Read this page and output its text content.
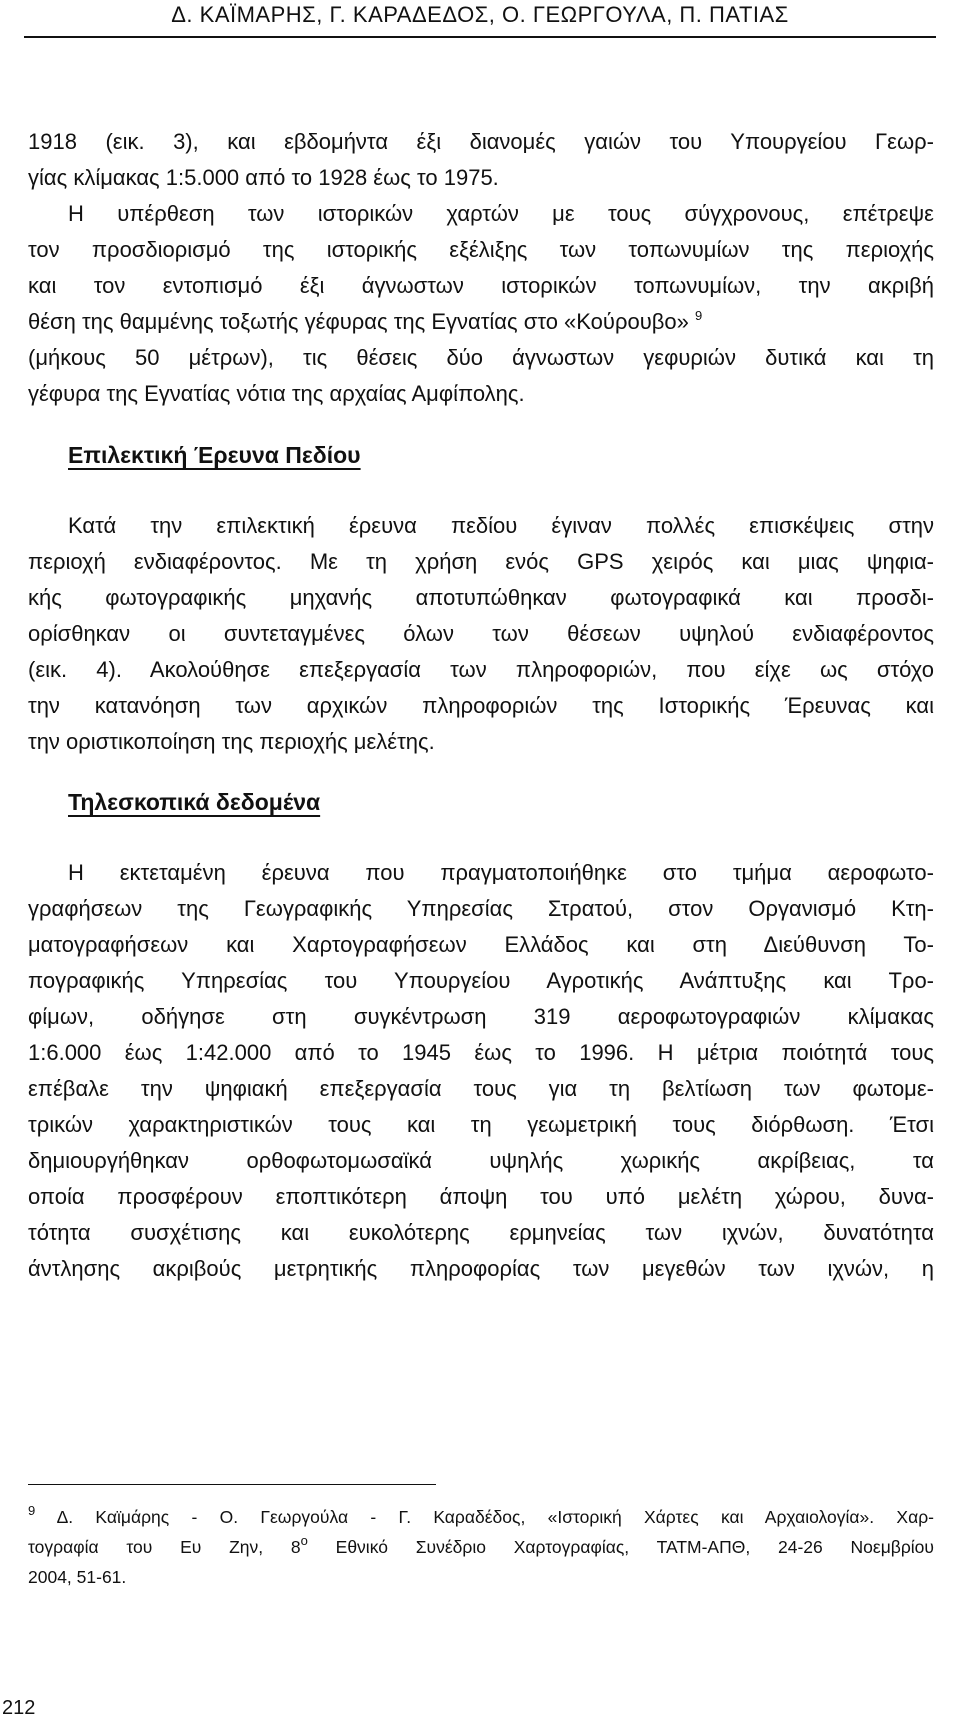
Δ. ΚΑΪΜΑΡΗΣ, Γ. ΚΑΡΑΔΕΔΟΣ, Ο. ΓΕΩΡΓΟΥΛΑ, Π. ΠΑΤΙΑΣ
1918 (εικ. 3), και εβδομήντα έξι διανομές γαιών του Υπουργείου Γεωρ-
γίας κλίμακας 1:5.000 από το 1928 έως το 1975.
Η υπέρθεση των ιστορικών χαρτών με τους σύγχρονους, επέτρεψε
τον προσδιορισμό της ιστορικής εξέλιξης των τοπωνυμίων της περιοχής
και τον εντοπισμό έξι άγνωστων ιστορικών τοπωνυμίων, την ακριβή
θέση της θαμμένης τοξωτής γέφυρας της Εγνατίας στο «Κούρουβο» $^9$
(μήκους 50 μέτρων), τις θέσεις δύο άγνωστων γεφυριών δυτικά και τη
γέφυρα της Εγνατίας νότια της αρχαίας Αμφίπολης.
Επιλεκτική Έρευνα Πεδίου
Κατά την επιλεκτική έρευνα πεδίου έγιναν πολλές επισκέψεις στην
περιοχή ενδιαφέροντος. Με τη χρήση ενός GPS χειρός και μιας ψηφια-
κής φωτογραφικής μηχανής αποτυπώθηκαν φωτογραφικά και προσδι-
ορίσθηκαν οι συντεταγμένες όλων των θέσεων υψηλού ενδιαφέροντος
(εικ. 4). Ακολούθησε επεξεργασία των πληροφοριών, που είχε ως στόχο
την κατανόηση των αρχικών πληροφοριών της Ιστορικής Έρευνας και
την οριστικοποίηση της περιοχής μελέτης.
Τηλεσκοπικά δεδομένα
Η εκτεταμένη έρευνα που πραγματοποιήθηκε στο τμήμα αεροφωτο-
γραφήσεων της Γεωγραφικής Υπηρεσίας Στρατού, στον Οργανισμό Κτη-
ματογραφήσεων και Χαρτογραφήσεων Ελλάδος και στη Διεύθυνση Το-
πογραφικής Υπηρεσίας του Υπουργείου Αγροτικής Ανάπτυξης και Τρο-
φίμων, οδήγησε στη συγκέντρωση 319 αεροφωτογραφιών κλίμακας
1:6.000 έως 1:42.000 από το 1945 έως το 1996. Η μέτρια ποιότητά τους
επέβαλε την ψηφιακή επεξεργασία τους για τη βελτίωση των φωτομε-
τρικών χαρακτηριστικών τους και τη γεωμετρική τους διόρθωση. Έτσι
δημιουργήθηκαν ορθοφωτομωσαϊκά υψηλής χωρικής ακρίβειας, τα
οποία προσφέρουν εποπτικότερη άποψη του υπό μελέτη χώρου, δυνα-
τότητα συσχέτισης και ευκολότερης ερμηνείας των ιχνών, δυνατότητα
άντλησης ακριβούς μετρητικής πληροφορίας των μεγεθών των ιχνών, η
$^9$ Δ. Καϊμάρης - Ο. Γεωργούλα - Γ. Καραδέδος, «Ιστορική Χάρτες και Αρχαιολογία». Χαρ-
τογραφία του Ευ Ζην, $8^o$ Εθνικό Συνέδριο Χαρτογραφίας, ΤΑΤΜ-ΑΠΘ, 24-26 Νοεμβρίου
2004, 51-61.
212
